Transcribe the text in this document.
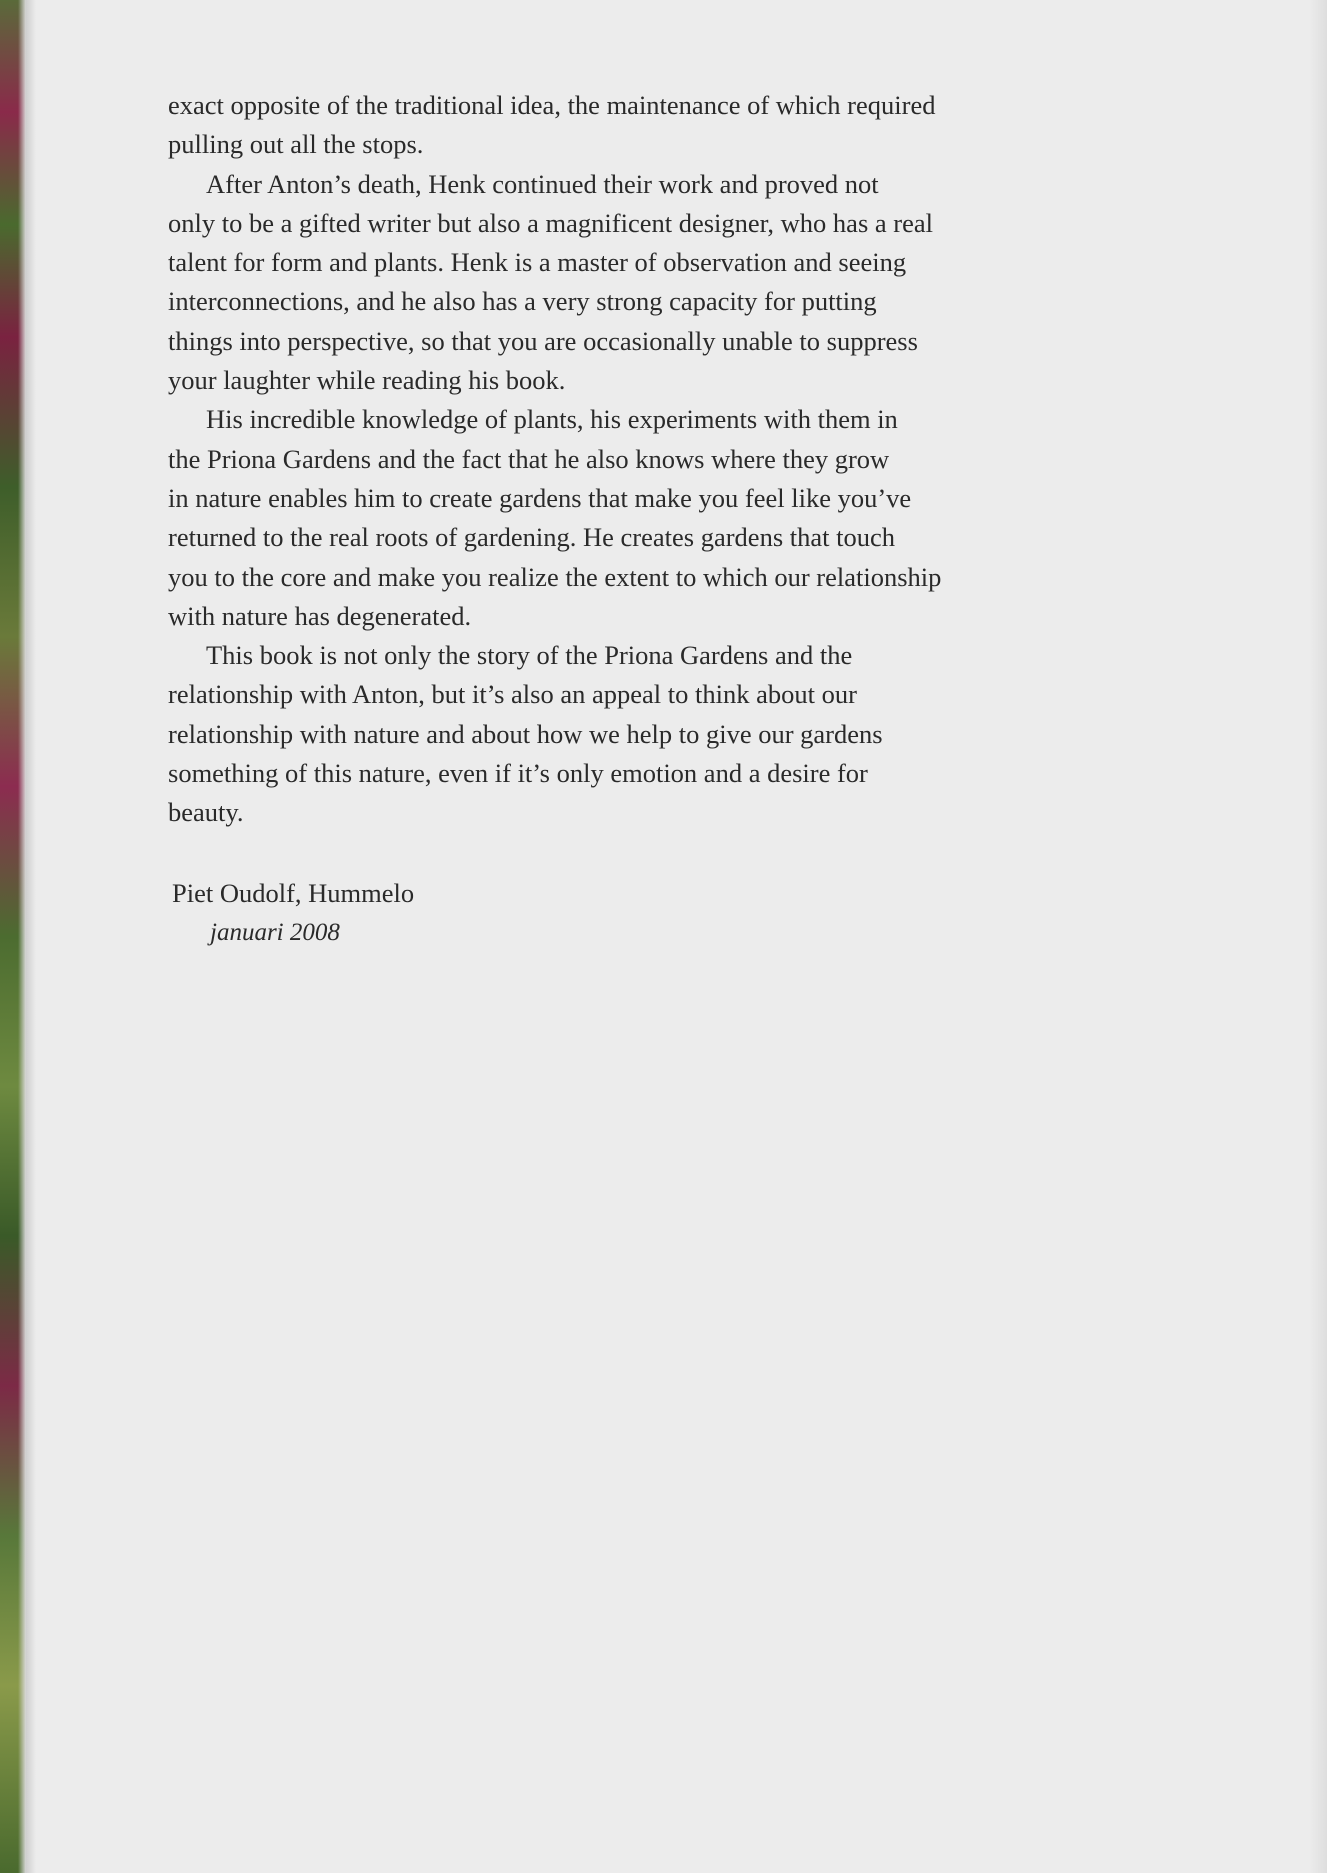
exact opposite of the traditional idea, the maintenance of which required
pulling out all the stops.
After Anton’s death, Henk continued their work and proved not
only to be a gifted writer but also a magnificent designer, who has a real
talent for form and plants. Henk is a master of observation and seeing
interconnections, and he also has a very strong capacity for putting
things into perspective, so that you are occasionally unable to suppress
your laughter while reading his book.
His incredible knowledge of plants, his experiments with them in
the Priona Gardens and the fact that he also knows where they grow
in nature enables him to create gardens that make you feel like you’ve
returned to the real roots of gardening. He creates gardens that touch
you to the core and make you realize the extent to which our relationship
with nature has degenerated.
This book is not only the story of the Priona Gardens and the
relationship with Anton, but it’s also an appeal to think about our
relationship with nature and about how we help to give our gardens
something of this nature, even if it’s only emotion and a desire for
beauty.
Piet Oudolf, Hummelo
januari 2008
